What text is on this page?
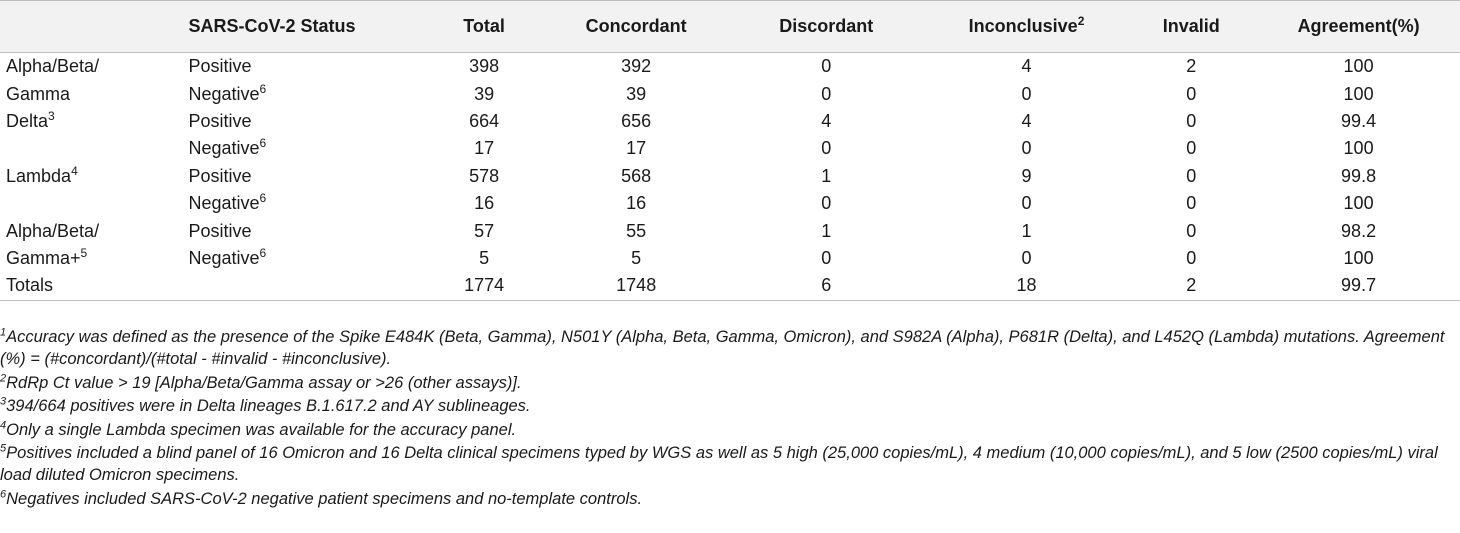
	SARS-CoV-2 Status	Total	Concordant	Discordant	Inconclusive$^2$	Invalid	Agreement(%)
Alpha/Beta/	Positive	398	392	0	4	2	100
Gamma	Negative$^6$	39	39	0	0	0	100
Delta$^3$	Positive	664	656	4	4	0	99.4
	Negative$^6$	17	17	0	0	0	100
Lambda$^4$	Positive	578	568	1	9	0	99.8
	Negative$^6$	16	16	0	0	0	100
Alpha/Beta/	Positive	57	55	1	1	0	98.2
Gamma+$^5$	Negative$^6$	5	5	0	0	0	100
Totals		1774	1748	6	18	2	99.7
$^1$Accuracy was defined as the presence of the Spike E484K (Beta, Gamma), N501Y (Alpha, Beta, Gamma, Omicron), and S982A (Alpha), P681R (Delta), and L452Q (Lambda) mutations. Agreement (%) = (#concordant)/(#total - #invalid - #inconclusive).
$^2$RdRp Ct value > 19 [Alpha/Beta/Gamma assay or >26 (other assays)].
$^3$394/664 positives were in Delta lineages B.1.617.2 and AY sublineages.
$^4$Only a single Lambda specimen was available for the accuracy panel.
$^5$Positives included a blind panel of 16 Omicron and 16 Delta clinical specimens typed by WGS as well as 5 high (25,000 copies/mL), 4 medium (10,000 copies/mL), and 5 low (2500 copies/mL) viral load diluted Omicron specimens.
$^6$Negatives included SARS-CoV-2 negative patient specimens and no-template controls.
